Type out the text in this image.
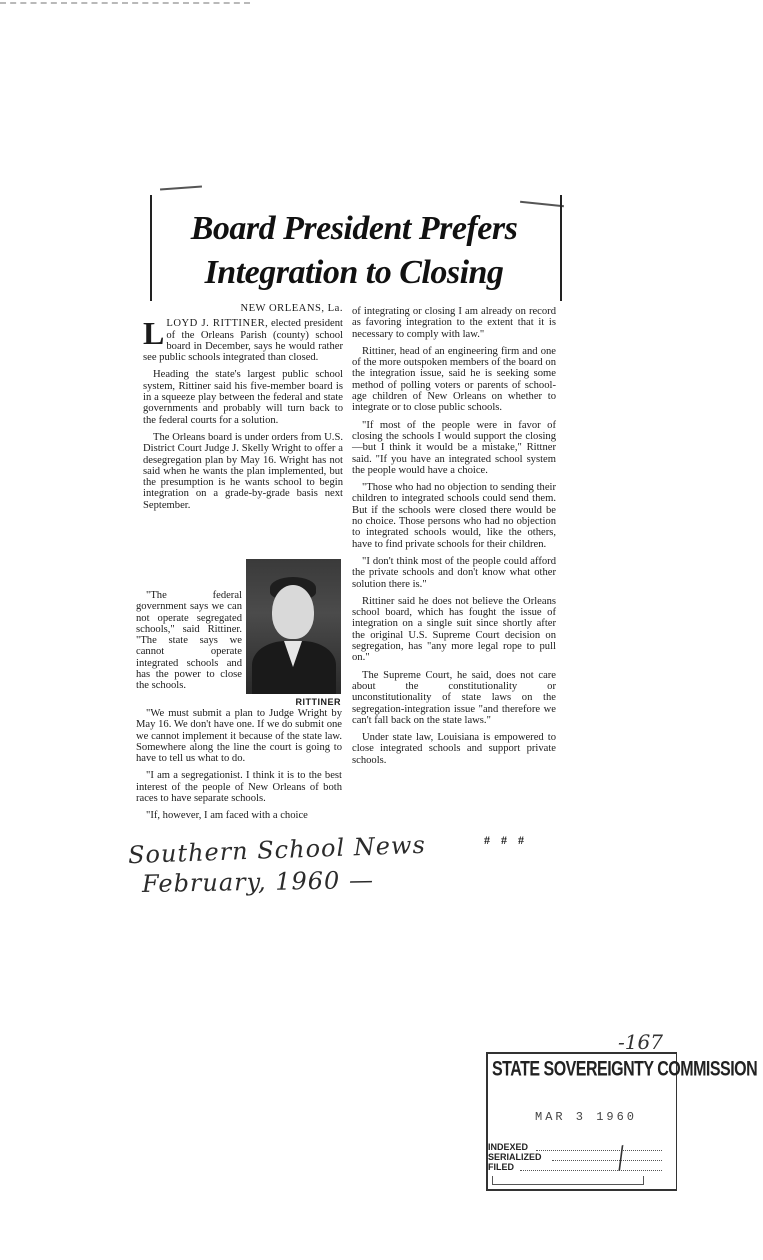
Board President Prefers
Integration to Closing

NEW ORLEANS, La.

LLOYD J. RITTINER, elected president of the Orleans Parish (county) school board in December, says he would rather see public schools integrated than closed.

Heading the state's largest public school system, Rittiner said his five-member board is in a squeeze play between the federal and state governments and probably will turn back to the federal courts for a solution.

The Orleans board is under orders from U.S. District Court Judge J. Skelly Wright to offer a desegregation plan by May 16. Wright has not said when he wants the plan implemented, but the presumption is he wants school to begin integration on a grade-by-grade basis next September.

"The federal government says we can not operate segregated schools," said Rittiner. "The state says we cannot operate integrated schools and has the power to close the schools.

"We must submit a plan to Judge Wright by May 16. We don't have one. If we do submit one we cannot implement it because of the state law. Somewhere along the line the court is going to have to tell us what to do.

"I am a segregationist. I think it is to the best interest of the people of New Orleans of both races to have separate schools.

"If, however, I am faced with a choice

RITTINER

of integrating or closing I am already on record as favoring integration to the extent that it is necessary to comply with law."

Rittiner, head of an engineering firm and one of the more outspoken members of the board on the integration issue, said he is seeking some method of polling voters or parents of school-age children of New Orleans on whether to integrate or to close public schools.

"If most of the people were in favor of closing the schools I would support the closing—but I think it would be a mistake," Rittner said. "If you have an integrated school system the people would have a choice.

"Those who had no objection to sending their children to integrated schools could send them. But if the schools were closed there would be no choice. Those persons who had no objection to integrated schools would, like the others, have to find private schools for their children.

"I don't think most of the people could afford the private schools and don't know what other solution there is."

Rittiner said he does not believe the Orleans school board, which has fought the issue of integration on a single suit since shortly after the original U.S. Supreme Court decision on segregation, has "any more legal rope to pull on."

The Supreme Court, he said, does not care about the constitutionality or unconstitutionality of state laws on the segregation-integration issue "and therefore we can't fall back on the state laws."

Under state law, Louisiana is empowered to close integrated schools and support private schools.

# # #
Southern School News
February, 1960 —
-167
STATE SOVEREIGNTY COMMISSION
MAR 3 1960
INDEXED
SERIALIZED
FILED	/
